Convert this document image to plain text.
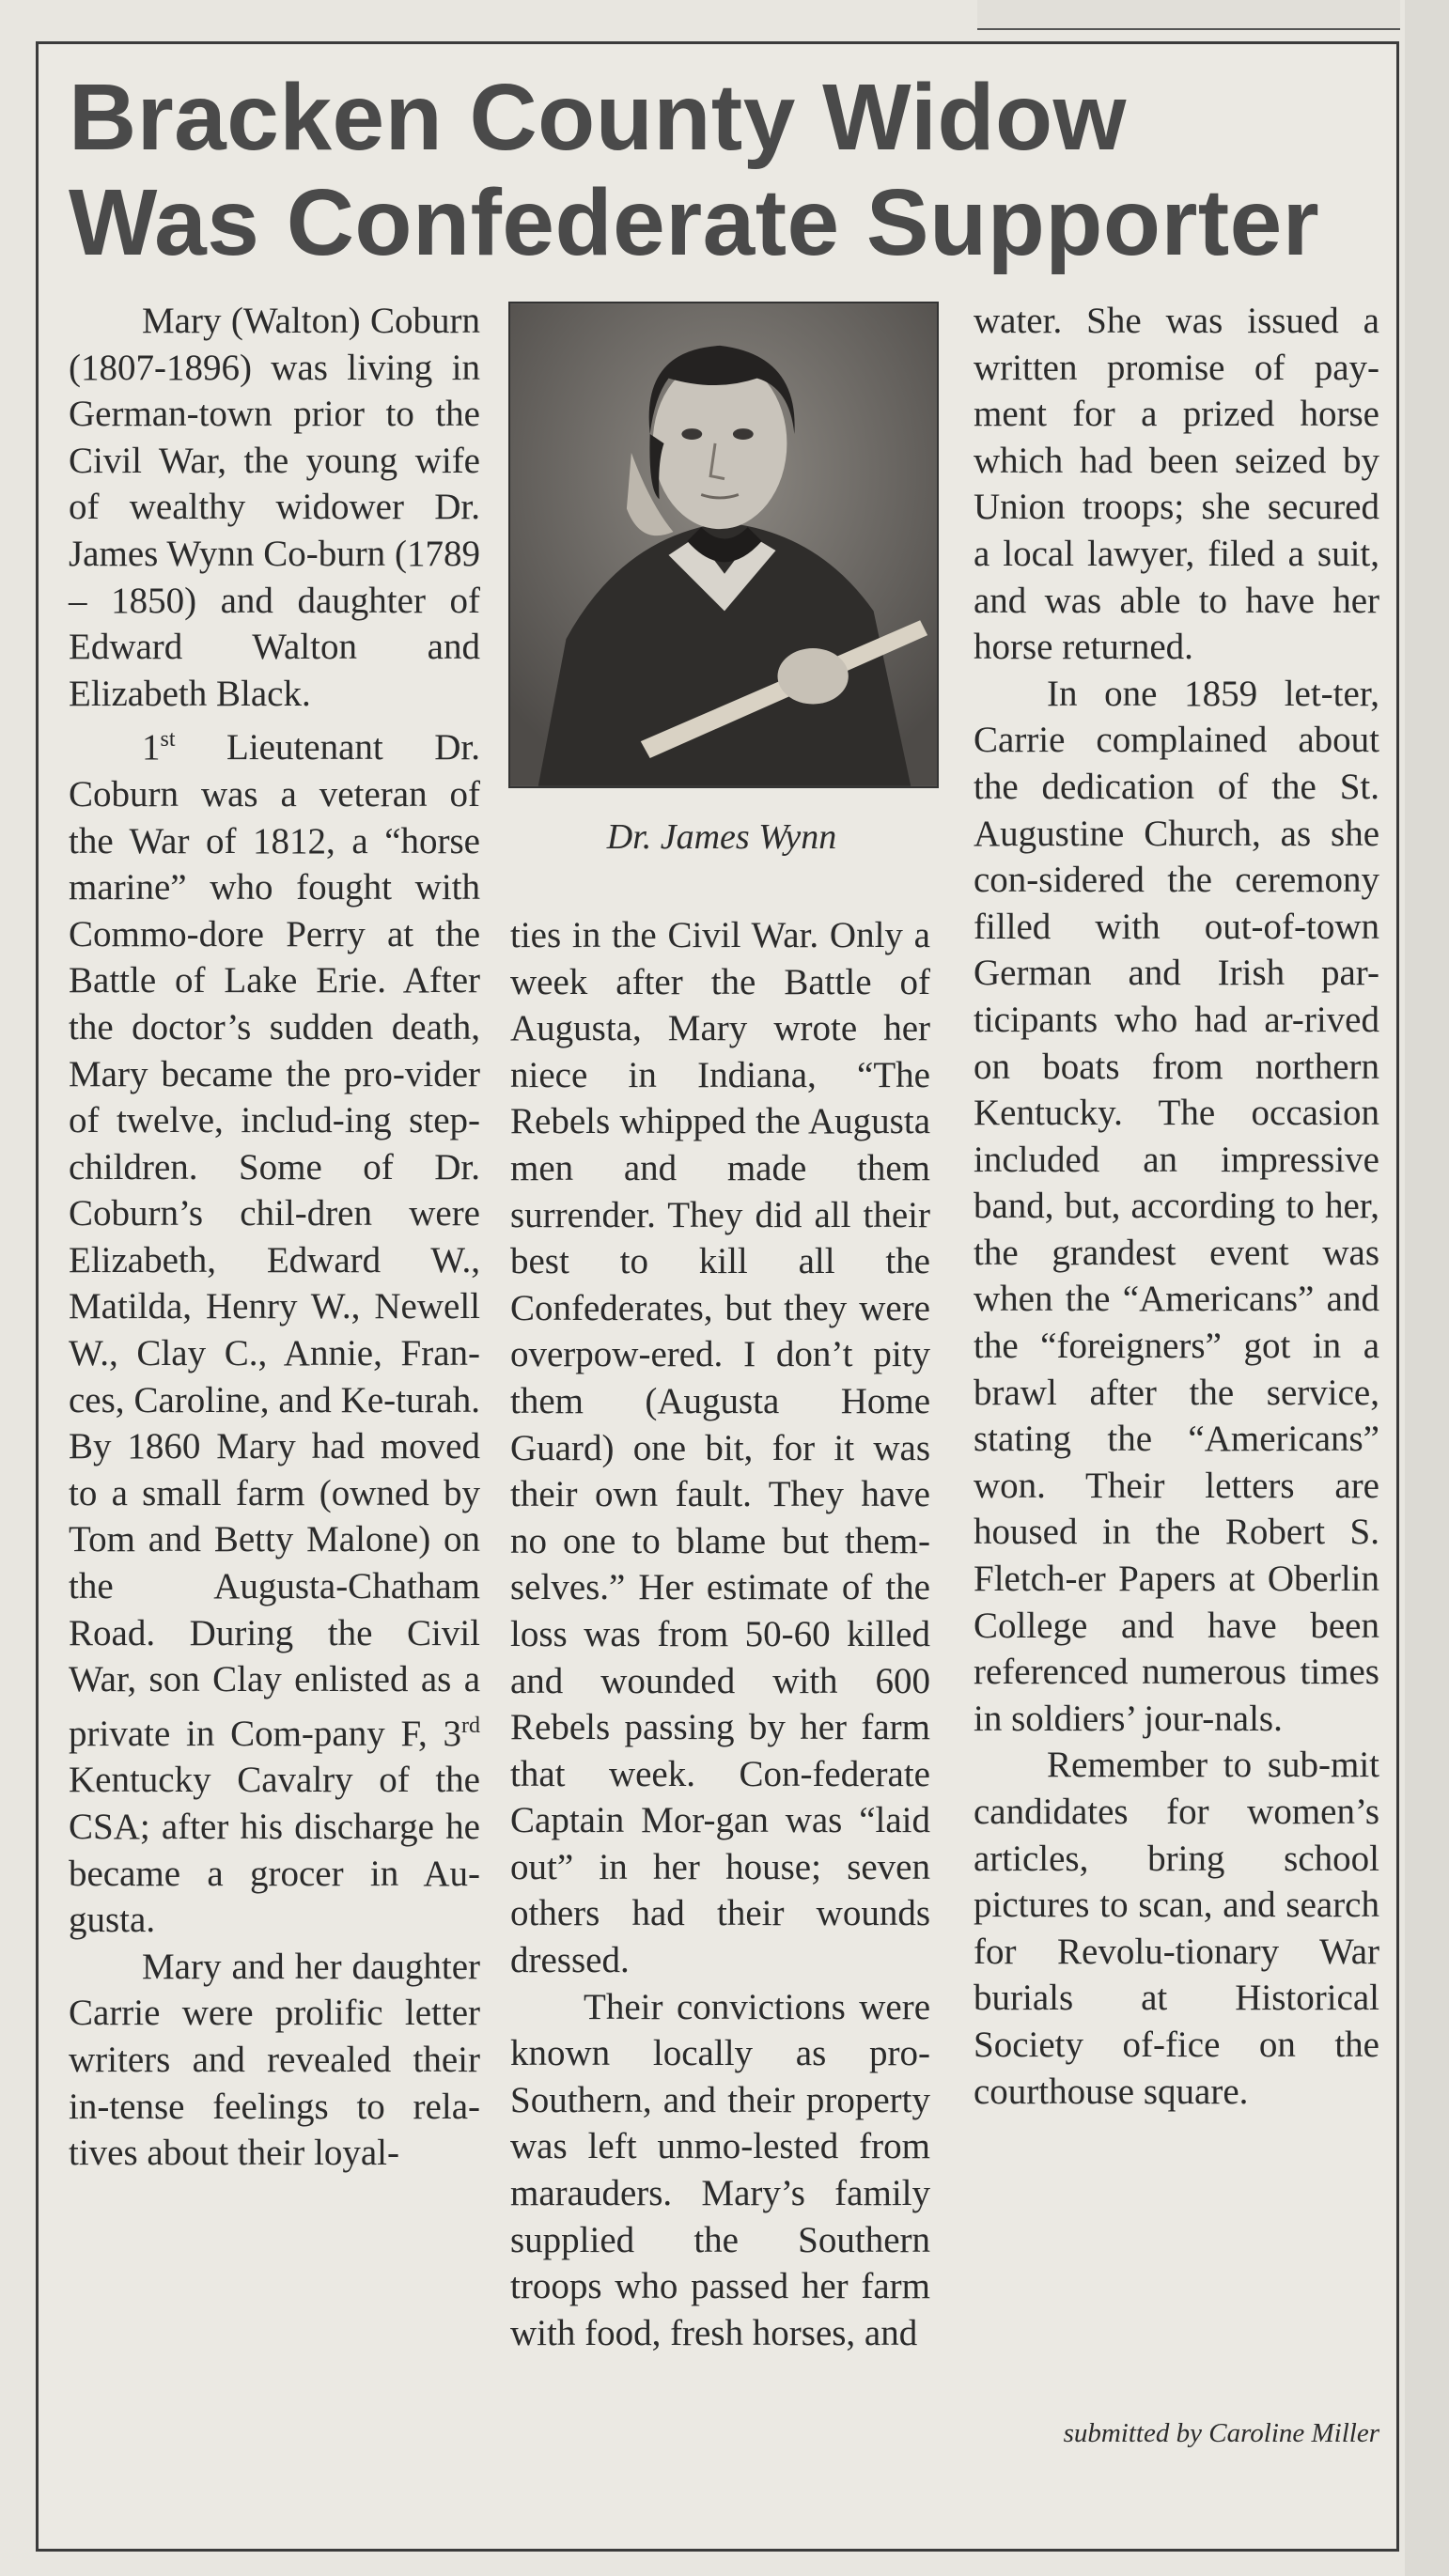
Bracken County Widow
Was Confederate Supporter

Mary (Walton) Coburn (1807-1896) was living in German-town prior to the Civil War, the young wife of wealthy widower Dr. James Wynn Co-burn (1789 – 1850) and daughter of Edward Walton and Elizabeth Black.

1st Lieutenant Dr. Coburn was a veteran of the War of 1812, a “horse marine” who fought with Commo-dore Perry at the Battle of Lake Erie. After the doctor’s sudden death, Mary became the pro-vider of twelve, includ-ing step-children. Some of Dr. Coburn’s chil-dren were Elizabeth, Edward W., Matilda, Henry W., Newell W., Clay C., Annie, Fran-ces, Caroline, and Ke-turah. By 1860 Mary had moved to a small farm (owned by Tom and Betty Malone) on the Augusta-Chatham Road. During the Civil War, son Clay enlisted as a private in Com-pany F, 3rd Kentucky Cavalry of the CSA; after his discharge he became a grocer in Au-gusta.

Mary and her daughter Carrie were prolific letter writers and revealed their in-tense feelings to rela-tives about their loyal-

Dr. James Wynn

ties in the Civil War. Only a week after the Battle of Augusta, Mary wrote her niece in Indiana, “The Rebels whipped the Augusta men and made them surrender. They did all their best to kill all the Confederates, but they were overpow-ered. I don’t pity them (Augusta Home Guard) one bit, for it was their own fault. They have no one to blame but them-selves.” Her estimate of the loss was from 50-60 killed and wounded with 600 Rebels passing by her farm that week. Con-federate Captain Mor-gan was “laid out” in her house; seven others had their wounds dressed.

Their convictions were known locally as pro-Southern, and their property was left unmo-lested from marauders. Mary’s family supplied the Southern troops who passed her farm with food, fresh horses, and

water. She was issued a written promise of pay-ment for a prized horse which had been seized by Union troops; she secured a local lawyer, filed a suit, and was able to have her horse returned.

In one 1859 let-ter, Carrie complained about the dedication of the St. Augustine Church, as she con-sidered the ceremony filled with out-of-town German and Irish par-ticipants who had ar-rived on boats from northern Kentucky. The occasion included an impressive band, but, according to her, the grandest event was when the “Americans” and the “foreigners” got in a brawl after the service, stating the “Americans” won. Their letters are housed in the Robert S. Fletch-er Papers at Oberlin College and have been referenced numerous times in soldiers’ jour-nals.

Remember to sub-mit candidates for women’s articles, bring school pictures to scan, and search for Revolu-tionary War burials at Historical Society of-fice on the courthouse square.

submitted by Caroline Miller
